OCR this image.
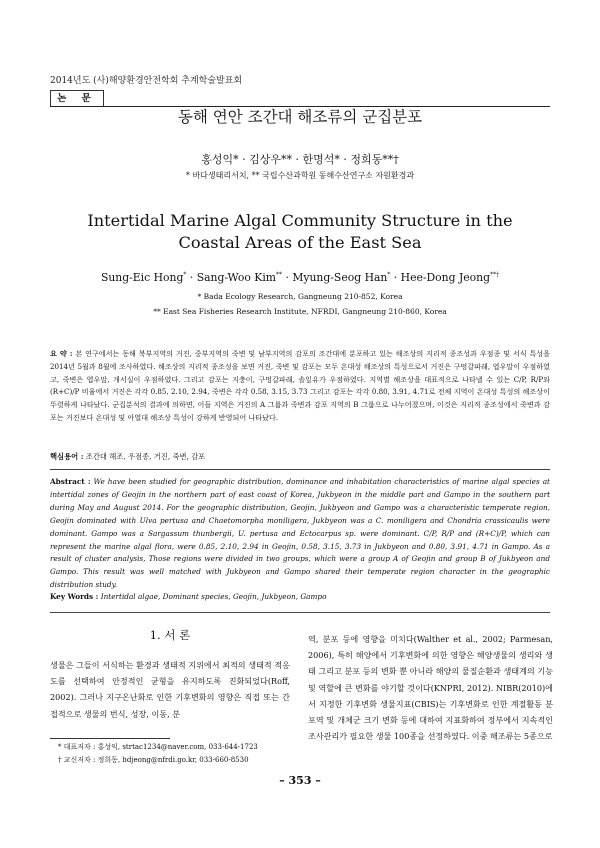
2014년도 (사)해양환경안전학회 추계학술발표회
논 문
동해 연안 조간대 해조류의 군집분포
홍성익* · 김상우** · 한명석* · 정희동**†
* 바다생태리서치, ** 국립수산과학원 동해수산연구소 자원환경과
Intertidal Marine Algal Community Structure in the Coastal Areas of the East Sea
Sung-Eic Hong* · Sang-Woo Kim** · Myung-Seog Han* · Hee-Dong Jeong**†
* Bada Ecology Research, Gangneung 210-852, Korea
** East Sea Fisheries Research Institute, NFRDI, Gangneung 210-860, Korea
요 약 : 본 연구에서는 동해 북부지역의 거진, 중부지역의 죽변 및 남부지역의 감포의 조간대에 분포하고 있는 해조상의 지리적 종조성과 우점종 및 서식 특성을 2014년 5월과 8월에 조사하였다. 해조상의 지리적 종조성을 보면 거진, 죽변 및 감포는 모두 온대성 해조상의 특성으로서 거진은 구멍갈파래, 엽우말이 우점하였고, 죽변은 엽우말, 개서실이 우점하였다. 그리고 감포는 지충이, 구멍갈파래, 솔잎유가 우점하였다. 지역별 해조상을 대표적으로 나타낼 수 있는 C/P, R/P와 (R+C)/P 비율에서 거진은 각각 0.85, 2.10, 2.94, 죽변은 각각 0.58, 3.15, 3.73 그리고 감포는 각각 0.80, 3.91, 4.71로 전체 지역이 온대성 특성의 해조상이 뚜렷하게 나타났다. 군집분석의 결과에 의하면, 이들 지역은 거진의 A 그룹과 죽변과 감포 지역의 B 그룹으로 나누어졌으며, 이것은 지리적 종조성에서 죽변과 감포는 거진보다 온대성 및 아열대 해조상 특성이 강하게 반영되어 나타났다.
핵심용어 : 조간대 해조, 우점종, 거진, 죽변, 감포
Abstract : We have been studied for geographic distribution, dominance and inhabitation characteristics of marine algal species at intertidal zones of Geojin in the northern part of east coast of Korea, Jukbyeon in the middle part and Gampo in the southern part during May and August 2014. For the geographic distribution, Geojin, Jukbyeon and Gampo was a characteristic temperate region, Geojin dominated with Ulva pertusa and Chaetomorpha moniligera, Jukbyeon was a C. moniligera and Chondria crassicaulis were dominant. Gampo was a Sargassum thunbergii, U. pertusa and Ectocarpus sp. were dominant. C/P, R/P and (R+C)/P, which can represent the marine algal flora, were 0.85, 2.10, 2.94 in Geojin, 0.58, 3.15, 3.73 in Jukbyeon and 0.80, 3.91, 4.71 in Gampo. As a result of cluster analysis, Those regions were divided in two groups, which were a group A of Geojin and group B of Jukbyeon and Gampo. This result was well matched with Jukbyeon and Gampo shared their temperate region character in the geographic distribution study.
Key Words : Intertidal algae, Dominant species, Geojin, Jukbyeon, Gampo
1. 서 론
생물은 그들이 서식하는 환경과 생태적 지위에서 최적의 생태적 적응도를 선택하여 안정적인 균형을 유지하도록 진화되었다(Roff, 2002). 그러나 지구온난화로 인한 기후변화의 영향은 직접 또는 간접적으로 생물의 번식, 성장, 이동, 분
역, 분포 등에 영향을 미치다(Walther et al., 2002; Parmesan, 2006), 특히 해양에서 기후변화에 의한 영향은 해양생물의 생리와 생태 그리고 분포 등의 변화 뿐 아니라 해양의 물질순환과 생태계의 기능 및 역할에 큰 변화를 야기할 것이다(KNPRI, 2012). NIBR(2010)에서 지정한 기후변화 생물지표(CBIS)는 기후변화로 인한 계절활동 분포역 및 개체군 크기 변화 등에 대하여 지표화하여 정부에서 지속적인 조사관리가 필요한 생물 100종을 선정하였다. 이중 해조류는 5종으로
* 대표저자 : 홍성익, strtac1234@naver.com, 033-644-1723
† 교신저자 : 정희동, hdjeong@nfrdi.go.kr, 033-660-8530
– 353 –
